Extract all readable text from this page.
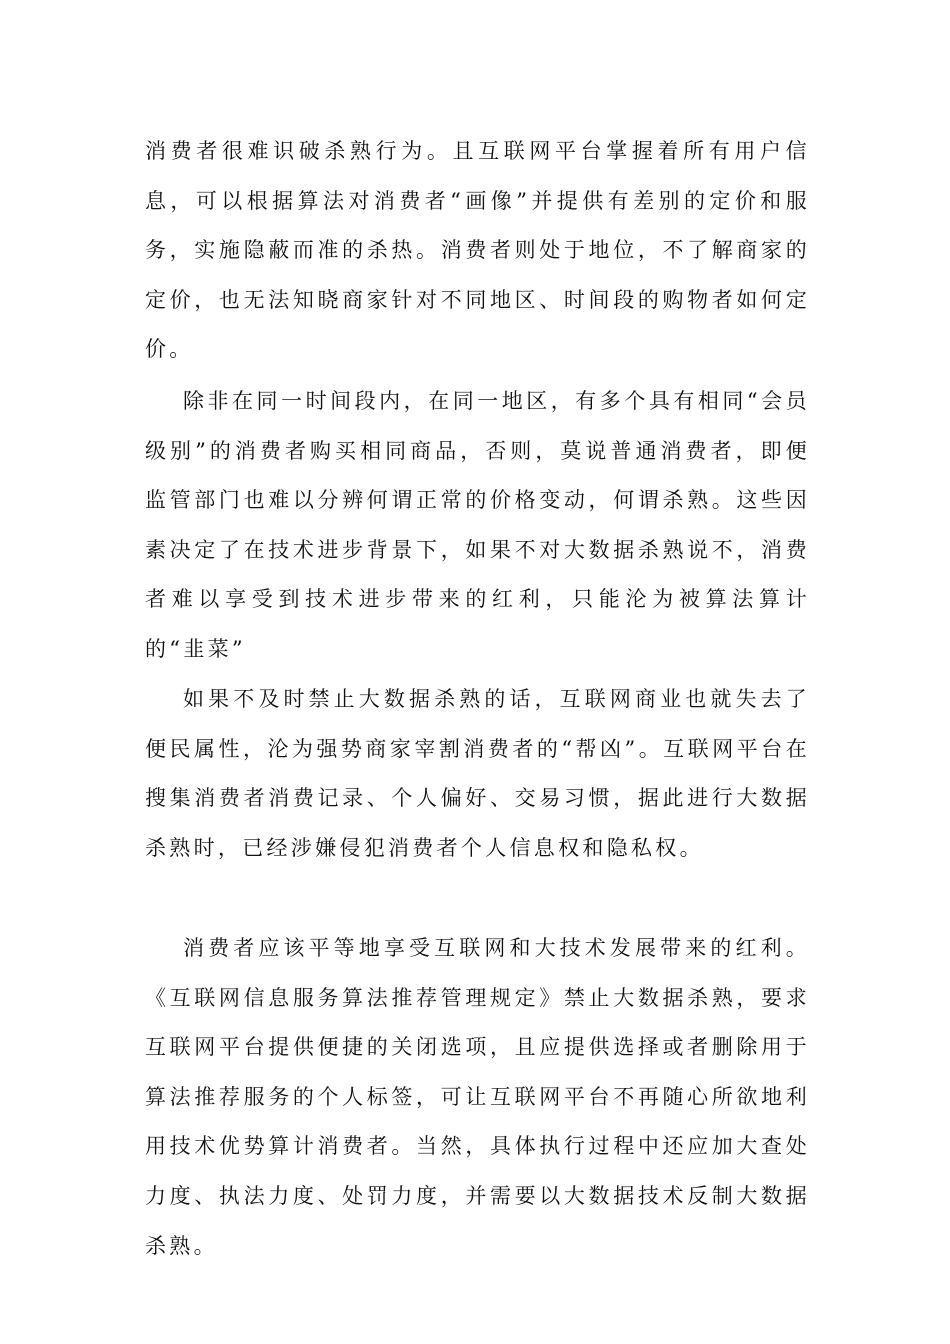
消费者很难识破杀熟行为。且互联网平台掌握着所有用户信息，可以根据算法对消费者“画像”并提供有差别的定价和服务，实施隐蔽而准的杀热。消费者则处于地位，不了解商家的定价，也无法知晓商家针对不同地区、时间段的购物者如何定价。

除非在同一时间段内，在同一地区，有多个具有相同“会员级别”的消费者购买相同商品，否则，莫说普通消费者，即便监管部门也难以分辨何谓正常的价格变动，何谓杀熟。这些因素决定了在技术进步背景下，如果不对大数据杀熟说不，消费者难以享受到技术进步带来的红利，只能沦为被算法算计的“韭菜”

如果不及时禁止大数据杀熟的话，互联网商业也就失去了便民属性，沦为强势商家宰割消费者的“帮凶”。互联网平台在搜集消费者消费记录、个人偏好、交易习惯，据此进行大数据杀熟时，已经涉嫌侵犯消费者个人信息权和隐私权。

消费者应该平等地享受互联网和大技术发展带来的红利。《互联网信息服务算法推荐管理规定》禁止大数据杀熟，要求互联网平台提供便捷的关闭选项，且应提供选择或者删除用于算法推荐服务的个人标签，可让互联网平台不再随心所欲地利用技术优势算计消费者。当然，具体执行过程中还应加大查处力度、执法力度、处罚力度，并需要以大数据技术反制大数据杀熟。
